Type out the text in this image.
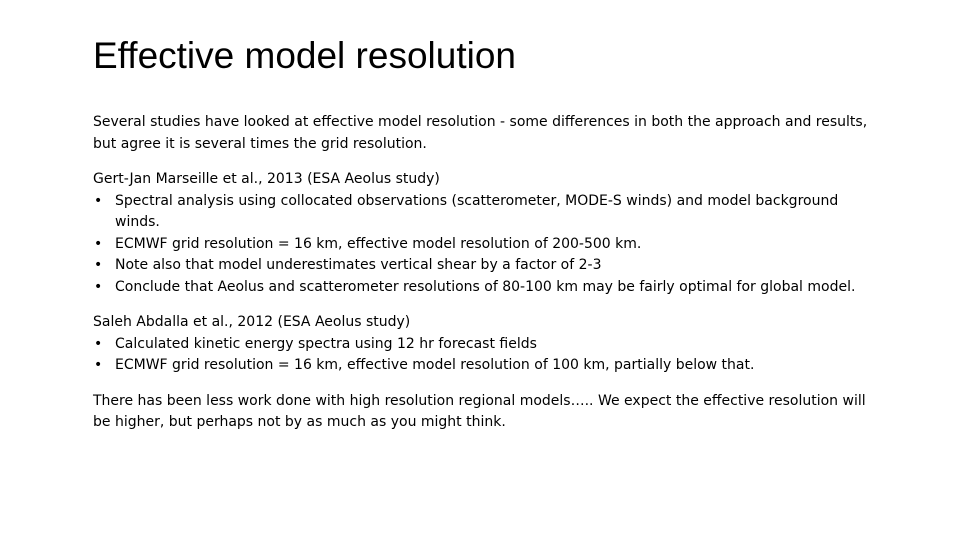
Effective model resolution

Several studies have looked at effective model resolution - some differences in both the approach and results, but agree it is several times the grid resolution.

Gert-Jan Marseille et al., 2013 (ESA Aeolus study)

• Spectral analysis using collocated observations (scatterometer, MODE-S winds) and model background winds.
• ECMWF grid resolution = 16 km, effective model resolution of 200-500 km.
• Note also that model underestimates vertical shear by a factor of 2-3
• Conclude that Aeolus and scatterometer resolutions of 80-100 km may be fairly optimal for global model.

Saleh Abdalla et al., 2012 (ESA Aeolus study)

• Calculated kinetic energy spectra using 12 hr forecast fields
• ECMWF grid resolution = 16 km, effective model resolution of 100 km, partially below that.

There has been less work done with high resolution regional models….. We expect the effective resolution will be higher, but perhaps not by as much as you might think.
